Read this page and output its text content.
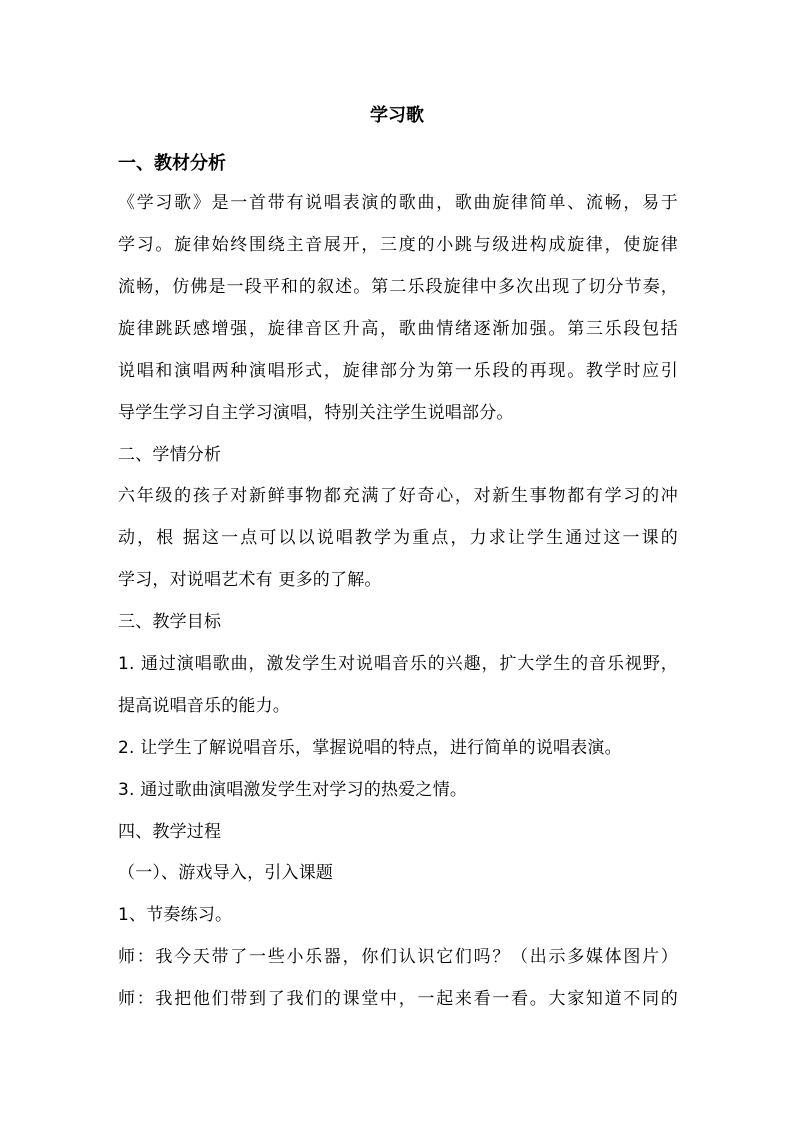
学习歌
一、教材分析
《学习歌》是一首带有说唱表演的歌曲，歌曲旋律简单、流畅，易于
学习。旋律始终围绕主音展开，三度的小跳与级进构成旋律，使旋律
流畅，仿佛是一段平和的叙述。第二乐段旋律中多次出现了切分节奏，
旋律跳跃感增强，旋律音区升高，歌曲情绪逐渐加强。第三乐段包括
说唱和演唱两种演唱形式，旋律部分为第一乐段的再现。教学时应引
导学生学习自主学习演唱，特别关注学生说唱部分。
二、学情分析
六年级的孩子对新鲜事物都充满了好奇心，对新生事物都有学习的冲
动，根 据这一点可以以说唱教学为重点，力求让学生通过这一课的
学习，对说唱艺术有 更多的了解。
三、教学目标
1. 通过演唱歌曲，激发学生对说唱音乐的兴趣，扩大学生的音乐视野，
提高说唱音乐的能力。
2. 让学生了解说唱音乐，掌握说唱的特点，进行简单的说唱表演。
3. 通过歌曲演唱激发学生对学习的热爱之情。
四、教学过程
（一）、游戏导入，引入课题
1、节奏练习。
师：我今天带了一些小乐器，你们认识它们吗？（出示多媒体图片）
师：我把他们带到了我们的课堂中，一起来看一看。大家知道不同的
